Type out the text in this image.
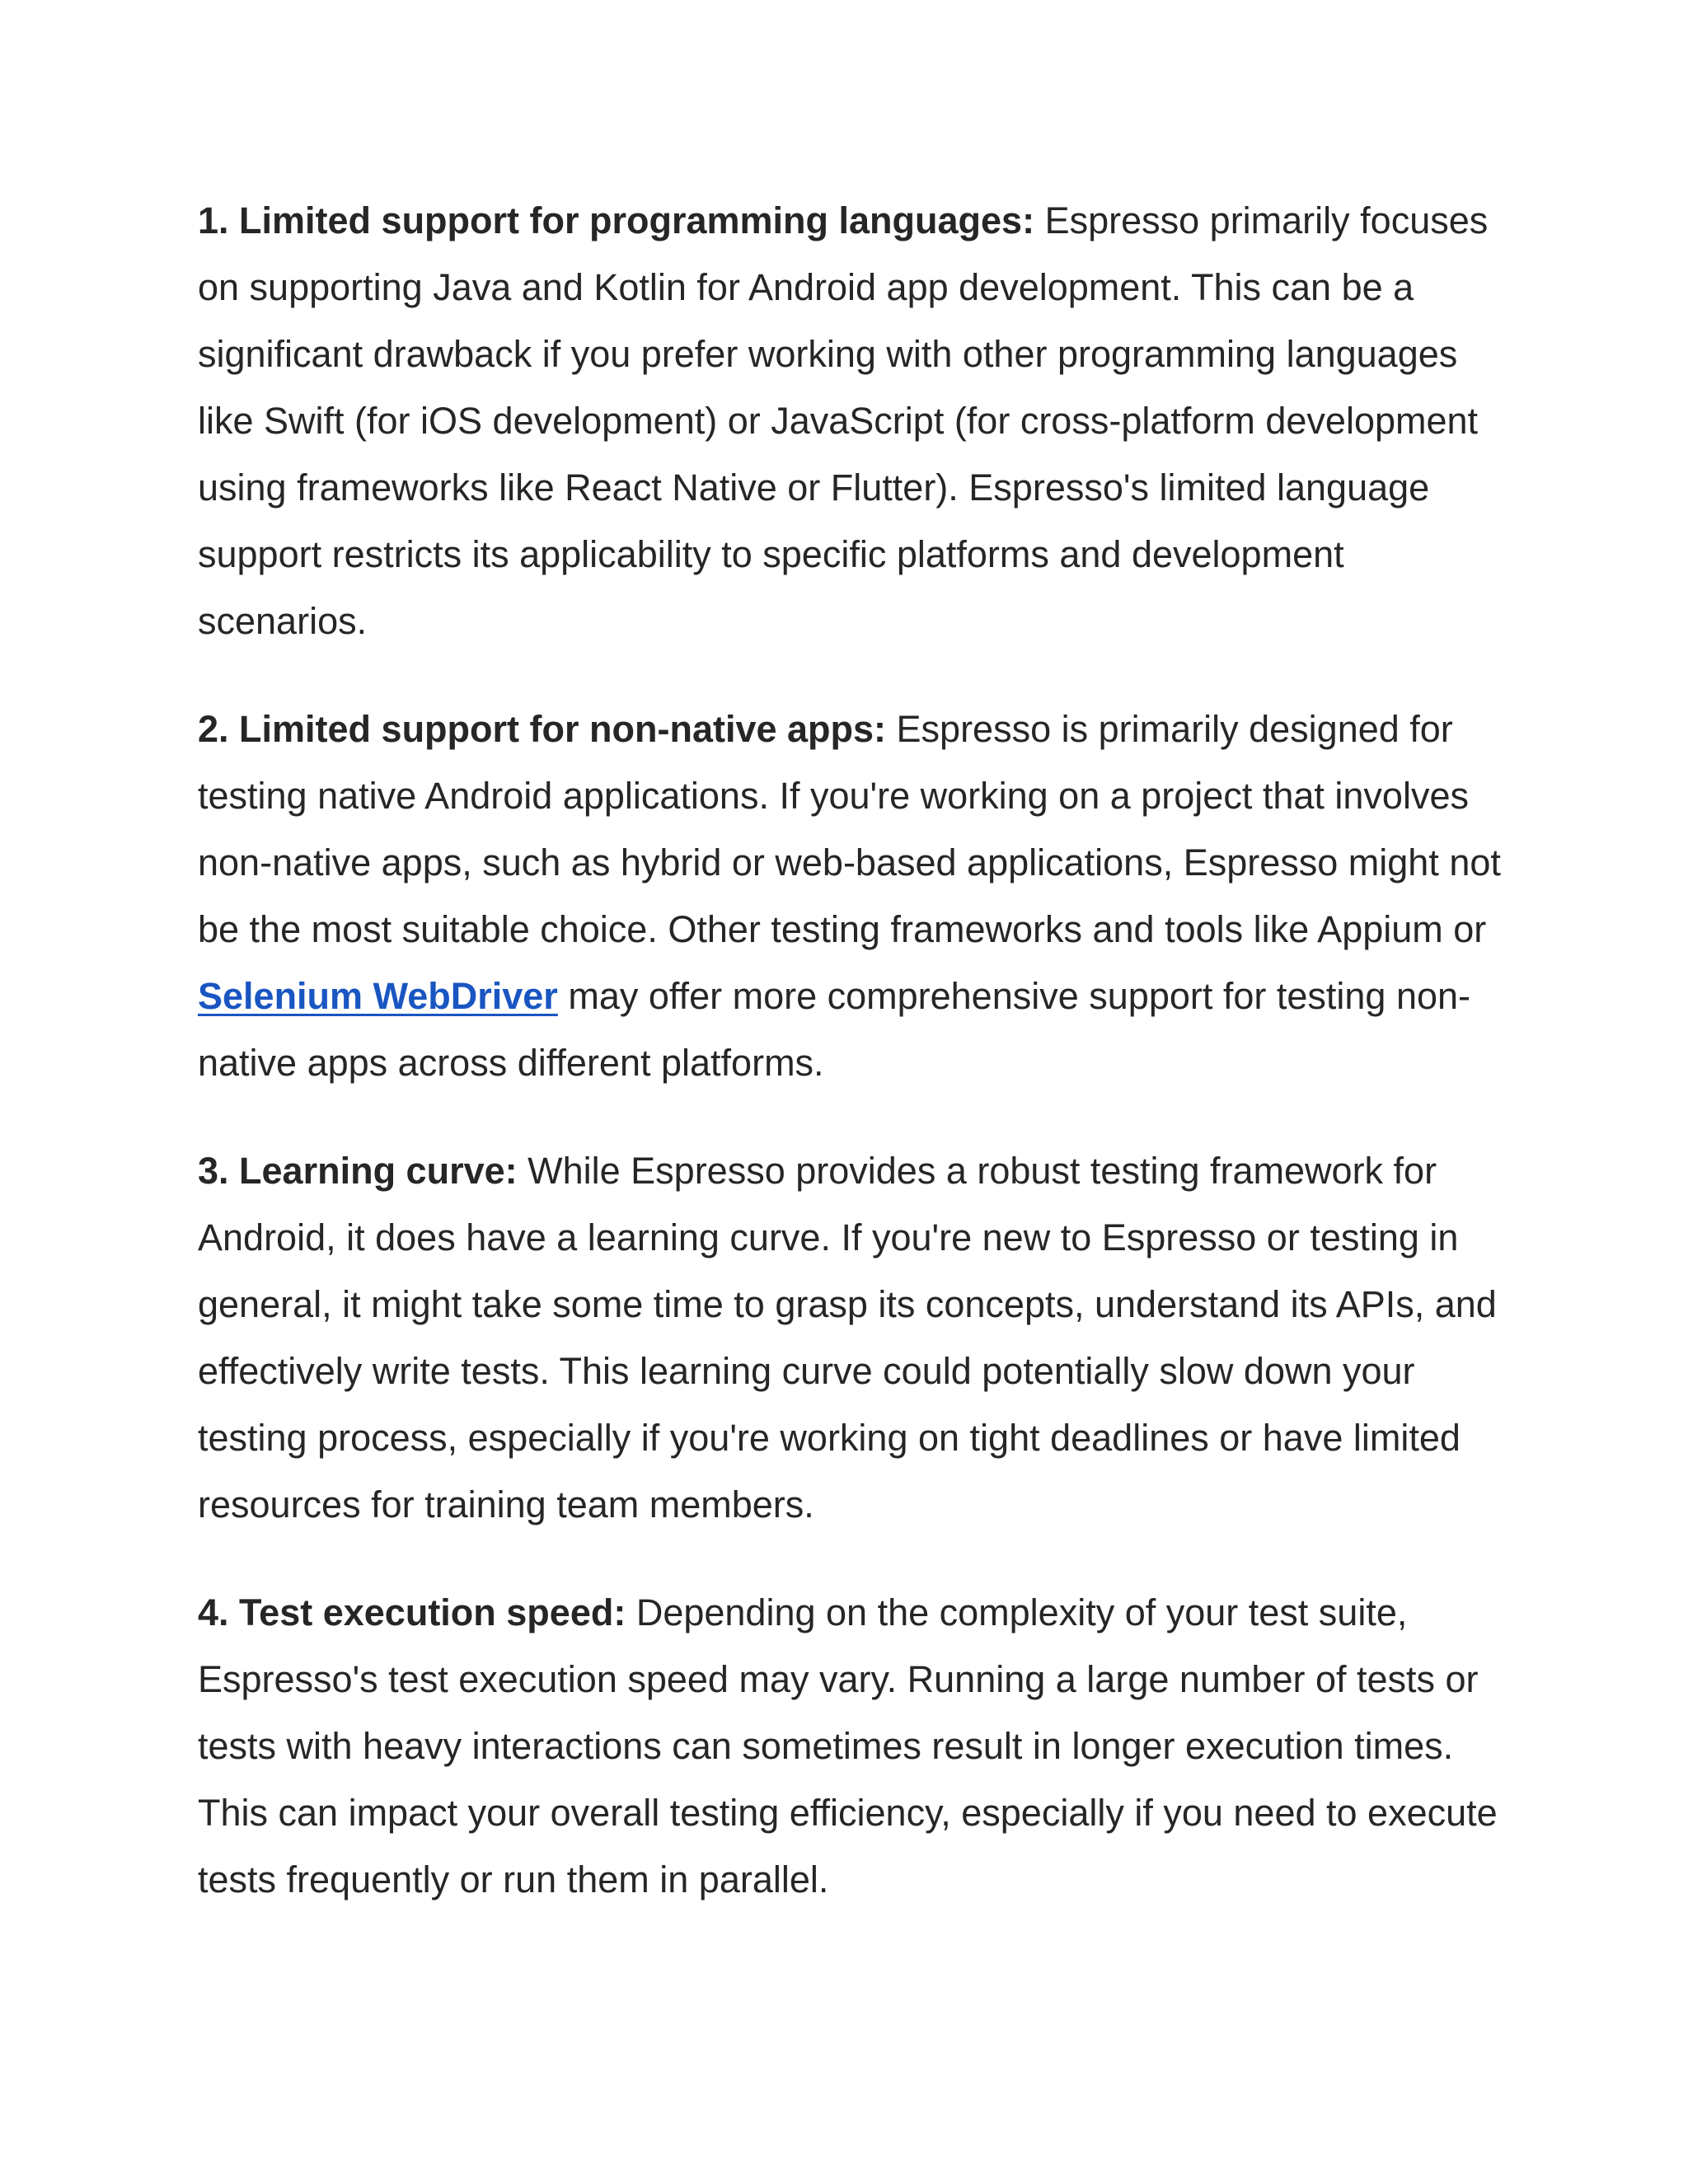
1. Limited support for programming languages: Espresso primarily focuses on supporting Java and Kotlin for Android app development. This can be a significant drawback if you prefer working with other programming languages like Swift (for iOS development) or JavaScript (for cross-platform development using frameworks like React Native or Flutter). Espresso's limited language support restricts its applicability to specific platforms and development scenarios.

2. Limited support for non-native apps: Espresso is primarily designed for testing native Android applications. If you're working on a project that involves non-native apps, such as hybrid or web-based applications, Espresso might not be the most suitable choice. Other testing frameworks and tools like Appium or Selenium WebDriver may offer more comprehensive support for testing non-native apps across different platforms.

3. Learning curve: While Espresso provides a robust testing framework for Android, it does have a learning curve. If you're new to Espresso or testing in general, it might take some time to grasp its concepts, understand its APIs, and effectively write tests. This learning curve could potentially slow down your testing process, especially if you're working on tight deadlines or have limited resources for training team members.

4. Test execution speed: Depending on the complexity of your test suite, Espresso's test execution speed may vary. Running a large number of tests or tests with heavy interactions can sometimes result in longer execution times. This can impact your overall testing efficiency, especially if you need to execute tests frequently or run them in parallel.
